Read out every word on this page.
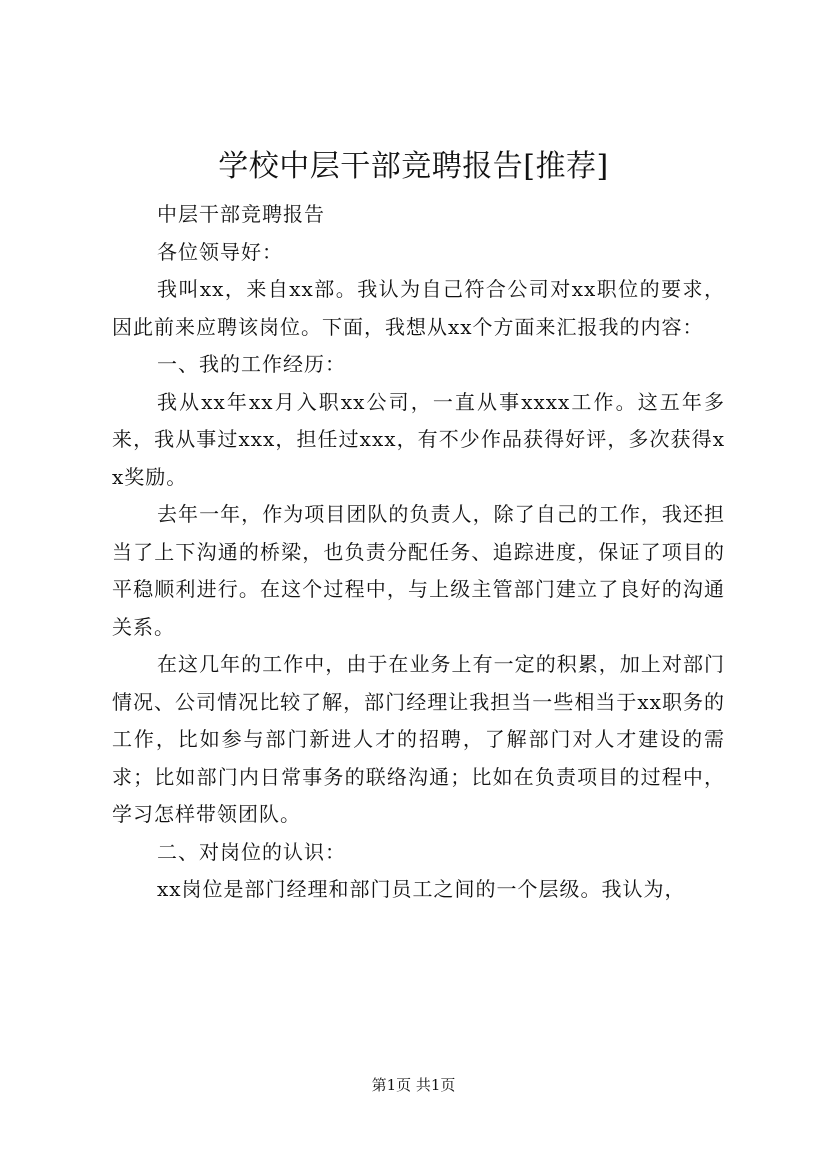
学校中层干部竞聘报告[推荐]

中层干部竞聘报告

各位领导好：

我叫xx，来自xx部。我认为自己符合公司对xx职位的要求，因此前来应聘该岗位。下面，我想从xx个方面来汇报我的内容：

一、我的工作经历：

我从xx年xx月入职xx公司，一直从事xxxx工作。这五年多来，我从事过xxx，担任过xxx，有不少作品获得好评，多次获得xx奖励。

去年一年，作为项目团队的负责人，除了自己的工作，我还担当了上下沟通的桥梁，也负责分配任务、追踪进度，保证了项目的平稳顺利进行。在这个过程中，与上级主管部门建立了良好的沟通关系。

在这几年的工作中，由于在业务上有一定的积累，加上对部门情况、公司情况比较了解，部门经理让我担当一些相当于xx职务的工作，比如参与部门新进人才的招聘，了解部门对人才建设的需求；比如部门内日常事务的联络沟通；比如在负责项目的过程中，学习怎样带领团队。

二、对岗位的认识：

xx岗位是部门经理和部门员工之间的一个层级。我认为，

第1页 共1页
